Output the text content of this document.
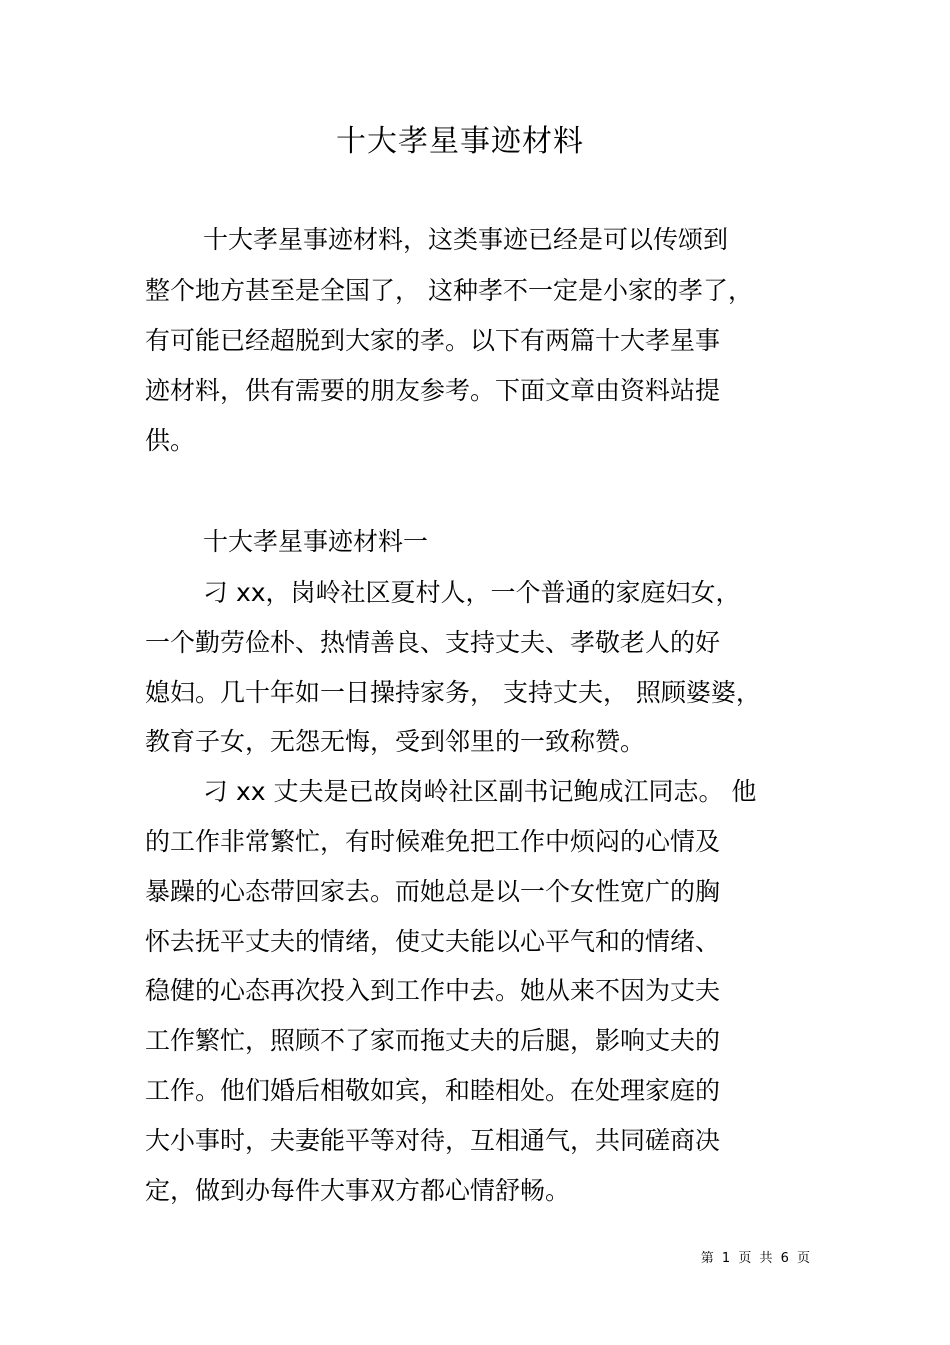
十大孝星事迹材料
十大孝星事迹材料，这类事迹已经是可以传颂到
整个地方甚至是全国了， 这种孝不一定是小家的孝了，
有可能已经超脱到大家的孝。以下有两篇十大孝星事
迹材料，供有需要的朋友参考。下面文章由资料站提
供。
十大孝星事迹材料一
刁 xx，岗岭社区夏村人，一个普通的家庭妇女，
一个勤劳俭朴、热情善良、支持丈夫、孝敬老人的好
媳妇。几十年如一日操持家务， 支持丈夫， 照顾婆婆，
教育子女，无怨无悔，受到邻里的一致称赞。
刁 xx 丈夫是已故岗岭社区副书记鲍成江同志。 他
的工作非常繁忙，有时候难免把工作中烦闷的心情及
暴躁的心态带回家去。而她总是以一个女性宽广的胸
怀去抚平丈夫的情绪，使丈夫能以心平气和的情绪、
稳健的心态再次投入到工作中去。她从来不因为丈夫
工作繁忙，照顾不了家而拖丈夫的后腿，影响丈夫的
工作。他们婚后相敬如宾，和睦相处。在处理家庭的
大小事时，夫妻能平等对待，互相通气，共同磋商决
定，做到办每件大事双方都心情舒畅。
第 1 页 共 6 页
